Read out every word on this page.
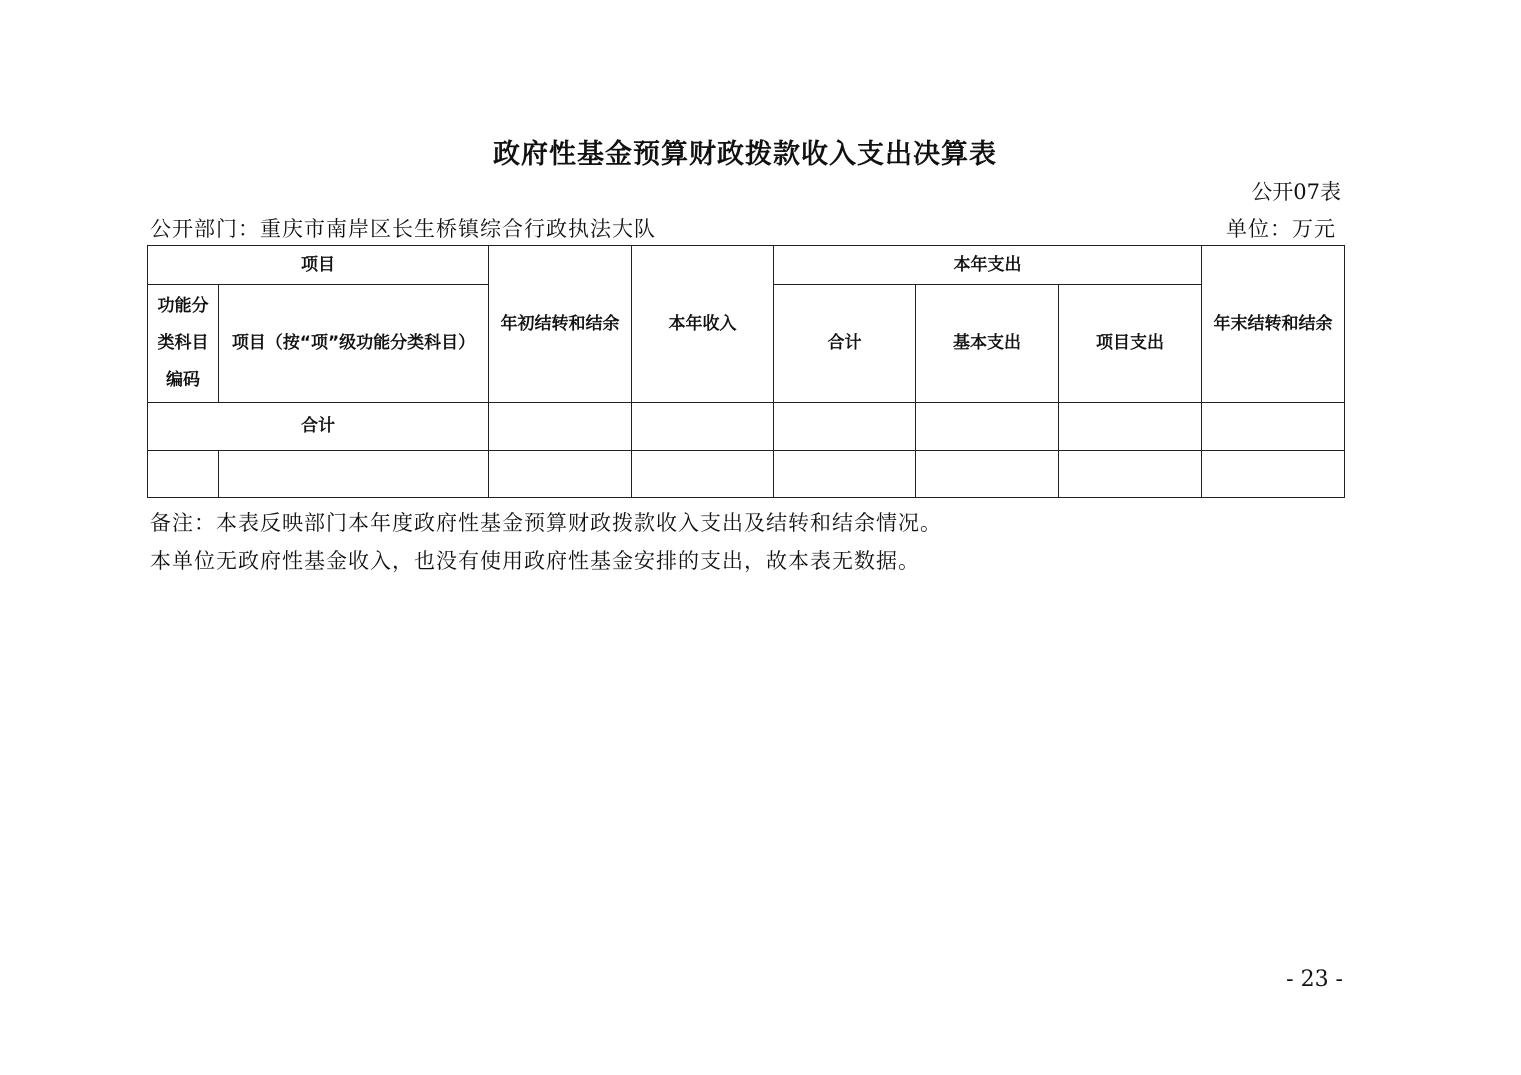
政府性基金预算财政拨款收入支出决算表
公开07表
公开部门：重庆市南岸区长生桥镇综合行政执法大队	单位：万元
项目		年初结转和结余	本年收入	本年支出			年末结转和结余
功能分类科目编码	项目（按“项”级功能分类科目）			合计	基本支出	项目支出	
合计							

备注：本表反映部门本年度政府性基金预算财政拨款收入支出及结转和结余情况。
本单位无政府性基金收入，也没有使用政府性基金安排的支出，故本表无数据。
- 23 -
